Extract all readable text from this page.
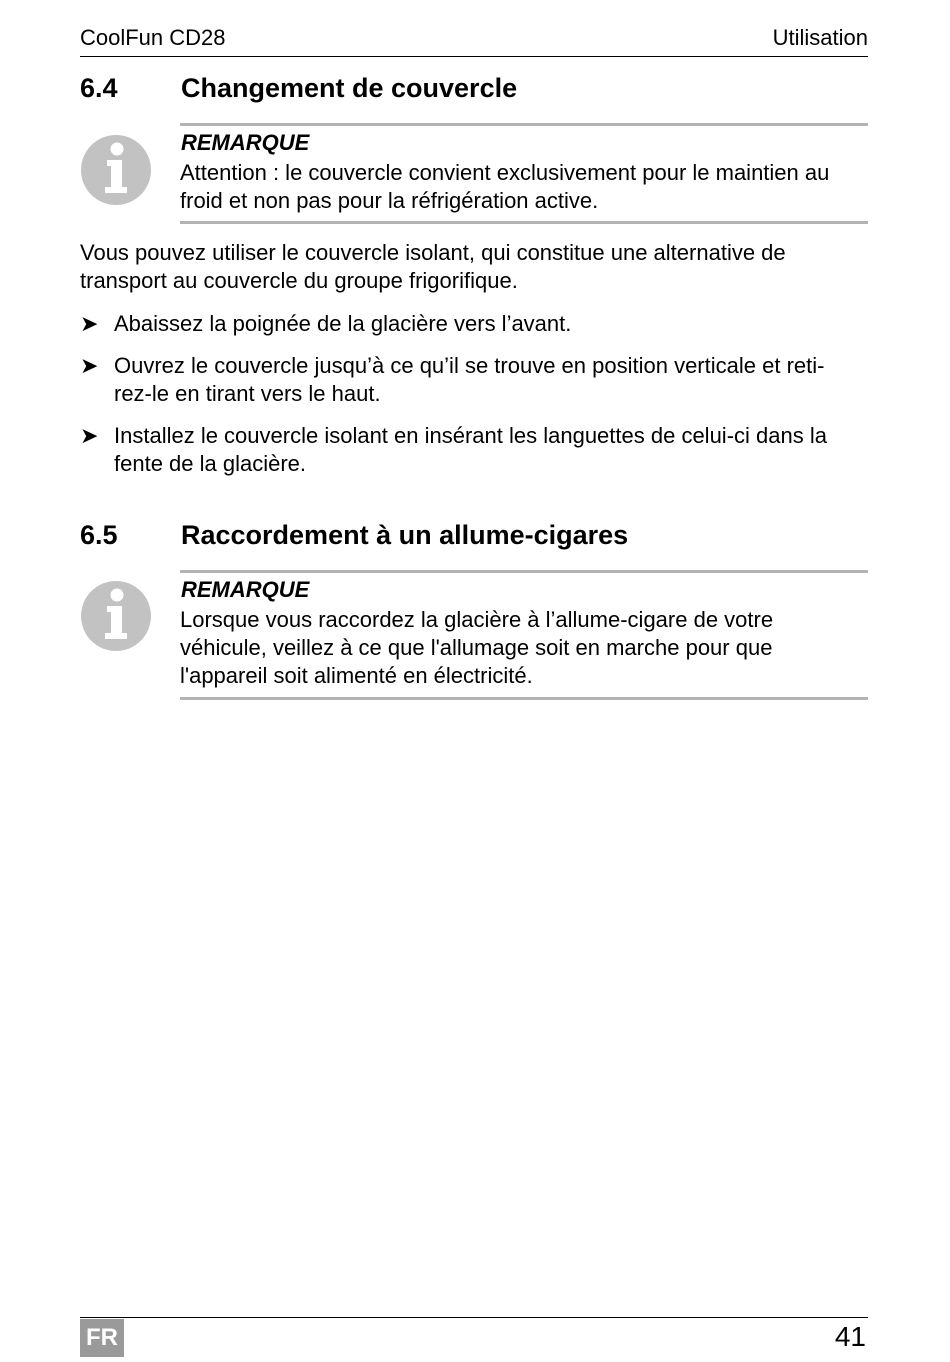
CoolFun CD28	Utilisation
6.4 Changement de couvercle
REMARQUE
Attention : le couvercle convient exclusivement pour le maintien au
froid et non pas pour la réfrigération active.
Vous pouvez utiliser le couvercle isolant, qui constitue une alternative de
transport au couvercle du groupe frigorifique.
➤ Abaissez la poignée de la glacière vers l’avant.
➤ Ouvrez le couvercle jusqu’à ce qu’il se trouve en position verticale et reti-
rez-le en tirant vers le haut.
➤ Installez le couvercle isolant en insérant les languettes de celui-ci dans la
fente de la glacière.
6.5 Raccordement à un allume-cigares
REMARQUE
Lorsque vous raccordez la glacière à l’allume-cigare de votre
véhicule, veillez à ce que l'allumage soit en marche pour que
l'appareil soit alimenté en électricité.
FR	41
